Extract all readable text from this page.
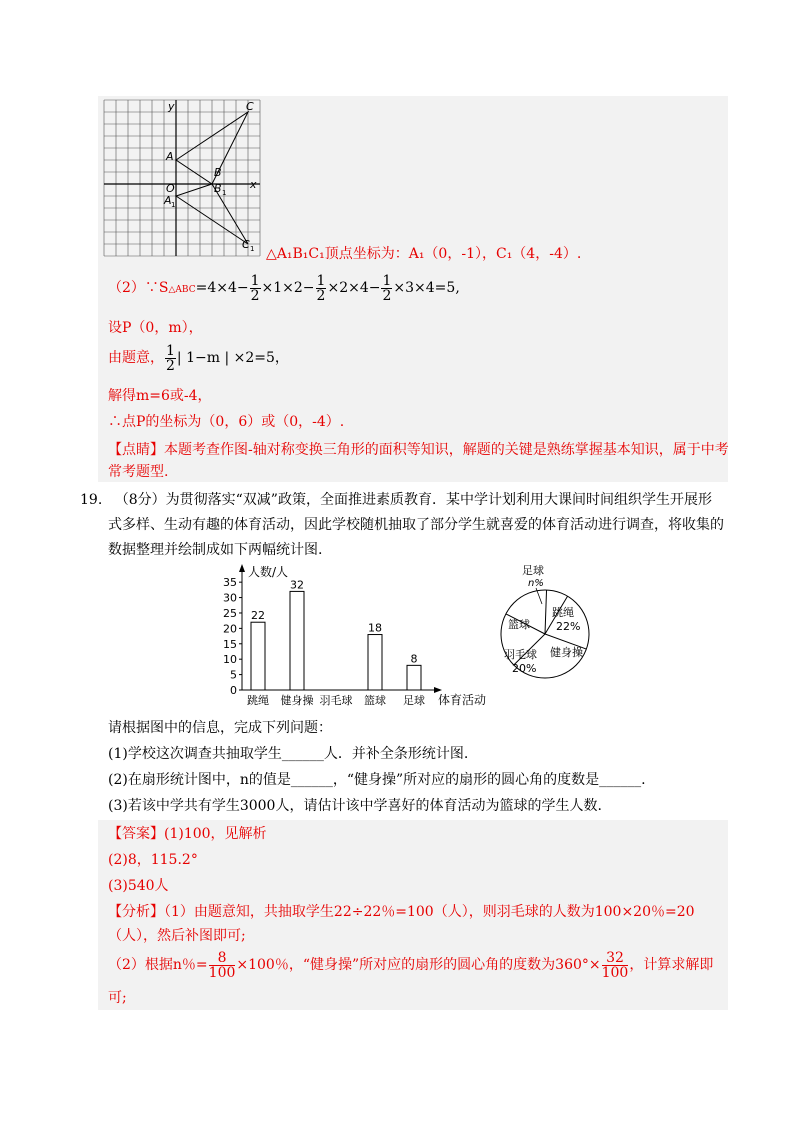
y
x
O
A
A 1
C
C 1
B
B 1
△A₁B₁C₁顶点坐标为：A₁（0，-1），C₁（4，-4）.
（2）∵S△ABC=4×4− $\frac{1}{2} \times 1\times 2- \frac{1}{2} \times 2\times 4- \frac{1}{2} \times 3\times 4=5$,
设P（0，m），
由题意， $\frac{1}{2}$ | 1−m | ×2=5，
解得m=6或-4，
∴点P的坐标为（0，6）或（0，-4）.
【点睛】本题考查作图-轴对称变换三角形的面积等知识，解题的关键是熟练掌握基本知识，属于中考
常考题型.
19. （8分）为贯彻落实“双减”政策，全面推进素质教育．某中学计划利用大课间时间组织学生开展形
式多样、生动有趣的体育活动，因此学校随机抽取了部分学生就喜爱的体育活动进行调查，将收集的
数据整理并绘制成如下两幅统计图.
人数/人
体育活动
0
5
10
15
20
25
30
35
22
跳绳
32
健身操 羽毛球
18
篮球
8
足球
足球
n%
跳绳
22%
健身操
羽毛球
20%
篮球
请根据图中的信息，完成下列问题：
(1)学校这次调查共抽取学生______人．并补全条形统计图.
(2)在扇形统计图中，n的值是______，“健身操”所对应的扇形的圆心角的度数是______.
(3)若该中学共有学生3000人，请估计该中学喜好的体育活动为篮球的学生人数.
【答案】(1)100，见解析
(2)8，115.2°
(3)540人
【分析】（1）由题意知，共抽取学生22÷22％=100（人），则羽毛球的人数为100×20％=20
（人），然后补图即可;
（2）根据n％= $\frac{8}{100} \times 100$％，“健身操”所对应的扇形的圆心角的度数为$360^\circ\times \frac{32}{100}$ ，计算求解即
可;
